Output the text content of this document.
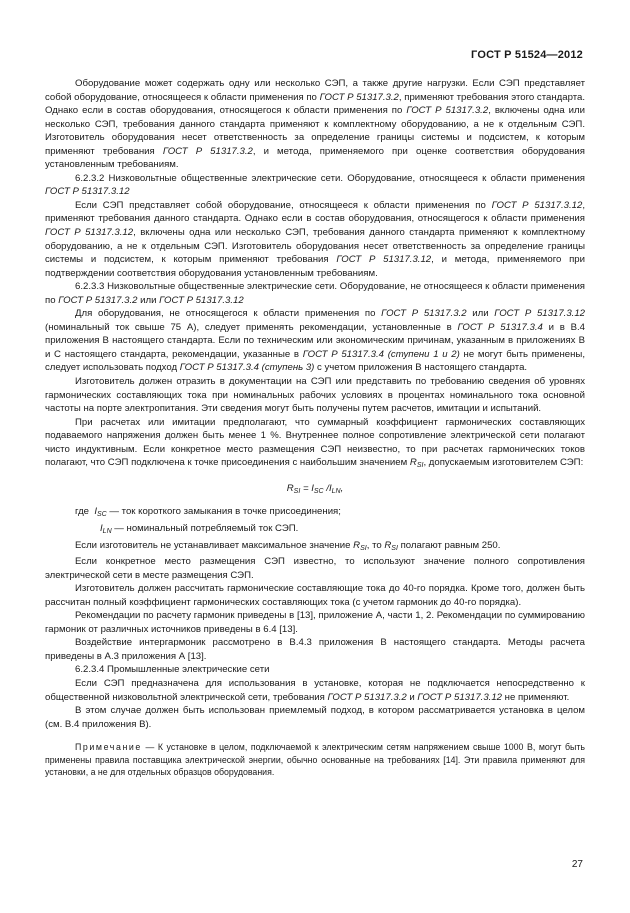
ГОСТ Р 51524—2012

Оборудование может содержать одну или несколько СЭП, а также другие нагрузки. Если СЭП представляет собой оборудование, относящееся к области применения по ГОСТ Р 51317.3.2, применяют требования этого стандарта. Однако если в состав оборудования, относящегося к области применения по ГОСТ Р 51317.3.2, включены одна или несколько СЭП, требования данного стандарта применяют к комплектному оборудованию, а не к отдельным СЭП. Изготовитель оборудования несет ответственность за определение границы системы и подсистем, к которым применяют требования ГОСТ Р 51317.3.2, и метода, применяемого при оценке соответствия оборудования установленным требованиям.

6.2.3.2 Низковольтные общественные электрические сети. Оборудование, относящееся к области применения ГОСТ Р 51317.3.12

Если СЭП представляет собой оборудование, относящееся к области применения по ГОСТ Р 51317.3.12, применяют требования данного стандарта. Однако если в состав оборудования, относящегося к области применения ГОСТ Р 51317.3.12, включены одна или несколько СЭП, требования данного стандарта применяют к комплектному оборудованию, а не к отдельным СЭП. Изготовитель оборудования несет ответственность за определение границы системы и подсистем, к которым применяют требования ГОСТ Р 51317.3.12, и метода, применяемого при подтверждении соответствия оборудования установленным требованиям.

6.2.3.3 Низковольтные общественные электрические сети. Оборудование, не относящееся к области применения по ГОСТ Р 51317.3.2 или ГОСТ Р 51317.3.12

Для оборудования, не относящегося к области применения по ГОСТ Р 51317.3.2 или ГОСТ Р 51317.3.12 (номинальный ток свыше 75 А), следует применять рекомендации, установленные в ГОСТ Р 51317.3.4 и в В.4 приложения В настоящего стандарта. Если по техническим или экономическим причинам, указанным в приложениях В и С настоящего стандарта, рекомендации, указанные в ГОСТ Р 51317.3.4 (ступени 1 и 2) не могут быть применены, следует использовать подход ГОСТ Р 51317.3.4 (ступень 3) с учетом приложения В настоящего стандарта.

Изготовитель должен отразить в документации на СЭП или представить по требованию сведения об уровнях гармонических составляющих тока при номинальных рабочих условиях в процентах номинального тока основной частоты на порте электропитания. Эти сведения могут быть получены путем расчетов, имитации и испытаний.

При расчетах или имитации предполагают, что суммарный коэффициент гармонических составляющих подаваемого напряжения должен быть менее 1 %. Внутреннее полное сопротивление электрической сети полагают чисто индуктивным. Если конкретное место размещения СЭП неизвестно, то при расчетах гармонических токов полагают, что СЭП подключена к точке присоединения с наибольшим значением $R_{SI}$, допускаемым изготовителем СЭП:

$R_{SI} = I_{SC}$ $/I_{LN}$,

где  $I_{SC}$ — ток короткого замыкания в точке присоединения;

$I_{LN}$ — номинальный потребляемый ток СЭП.

Если изготовитель не устанавливает максимальное значение $R_{SI}$, то $R_{SI}$ полагают равным 250.

Если конкретное место размещения СЭП известно, то используют значение полного сопротивления электрической сети в месте размещения СЭП.

Изготовитель должен рассчитать гармонические составляющие тока до 40-го порядка. Кроме того, должен быть рассчитан полный коэффициент гармонических составляющих тока (с учетом гармоник до 40-го порядка).

Рекомендации по расчету гармоник приведены в [13], приложение А, части 1, 2. Рекомендации по суммированию гармоник от различных источников приведены в 6.4 [13].

Воздействие интергармоник рассмотрено в В.4.3 приложения В настоящего стандарта. Методы расчета приведены в А.3 приложения А [13].

6.2.3.4 Промышленные электрические сети

Если СЭП предназначена для использования в установке, которая не подключается непосредственно к общественной низковольтной электрической сети, требования ГОСТ Р 51317.3.2 и ГОСТ Р 51317.3.12 не применяют.

В этом случае должен быть использован приемлемый подход, в котором рассматривается установка в целом (см. В.4 приложения В).

Примечание — К установке в целом, подключаемой к электрическим сетям напряжением свыше 1000 В, могут быть применены правила поставщика электрической энергии, обычно основанные на требованиях [14]. Эти правила применяют для установки, а не для отдельных образцов оборудования.

27
